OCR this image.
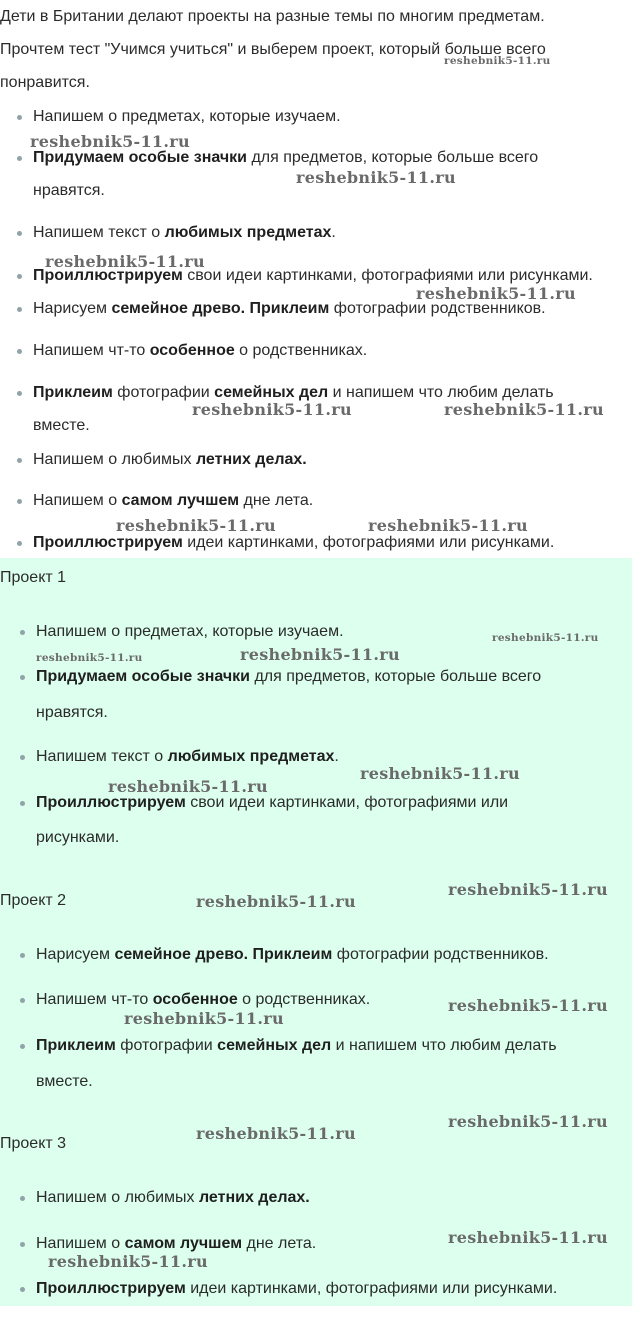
Дети в Британии делают проекты на разные темы по многим предметам.

Прочтем тест "Учимся учиться" и выберем проект, который больше всего

понравится.

Напишем о предметах, которые изучаем.
Придумаем особые значки для предметов, которые больше всего
нравятся.
Напишем текст о любимых предметах.
Проиллюстрируем свои идеи картинками, фотографиями или рисунками.
Нарисуем семейное древо. Приклеим фотографии родственников.
Напишем чт-то особенное о родственниках.
Приклеим фотографии семейных дел и напишем что любим делать
вместе.
Напишем о любимых летних делах.
Напишем о самом лучшем дне лета.
Проиллюстрируем идеи картинками, фотографиями или рисунками.

Проект 1

Напишем о предметах, которые изучаем.
Придумаем особые значки для предметов, которые больше всего
нравятся.
Напишем текст о любимых предметах.
Проиллюстрируем свои идеи картинками, фотографиями или
рисунками.

Проект 2

Нарисуем семейное древо. Приклеим фотографии родственников.
Напишем чт-то особенное о родственниках.
Приклеим фотографии семейных дел и напишем что любим делать
вместе.

Проект 3

Напишем о любимых летних делах.
Напишем о самом лучшем дне лета.
Проиллюстрируем идеи картинками, фотографиями или рисунками.
reshebnik5-11.ru
reshebnik5-11.ru
reshebnik5-11.ru
reshebnik5-11.ru
reshebnik5-11.ru
reshebnik5-11.ru	reshebnik5-11.ru
reshebnik5-11.ru	reshebnik5-11.ru
reshebnik5-11.ru
reshebnik5-11.ru	reshebnik5-11.ru
reshebnik5-11.ru
reshebnik5-11.ru
reshebnik5-11.ru
reshebnik5-11.ru
reshebnik5-11.ru
reshebnik5-11.ru
reshebnik5-11.ru
reshebnik5-11.ru
reshebnik5-11.ru
reshebnik5-11.ru
